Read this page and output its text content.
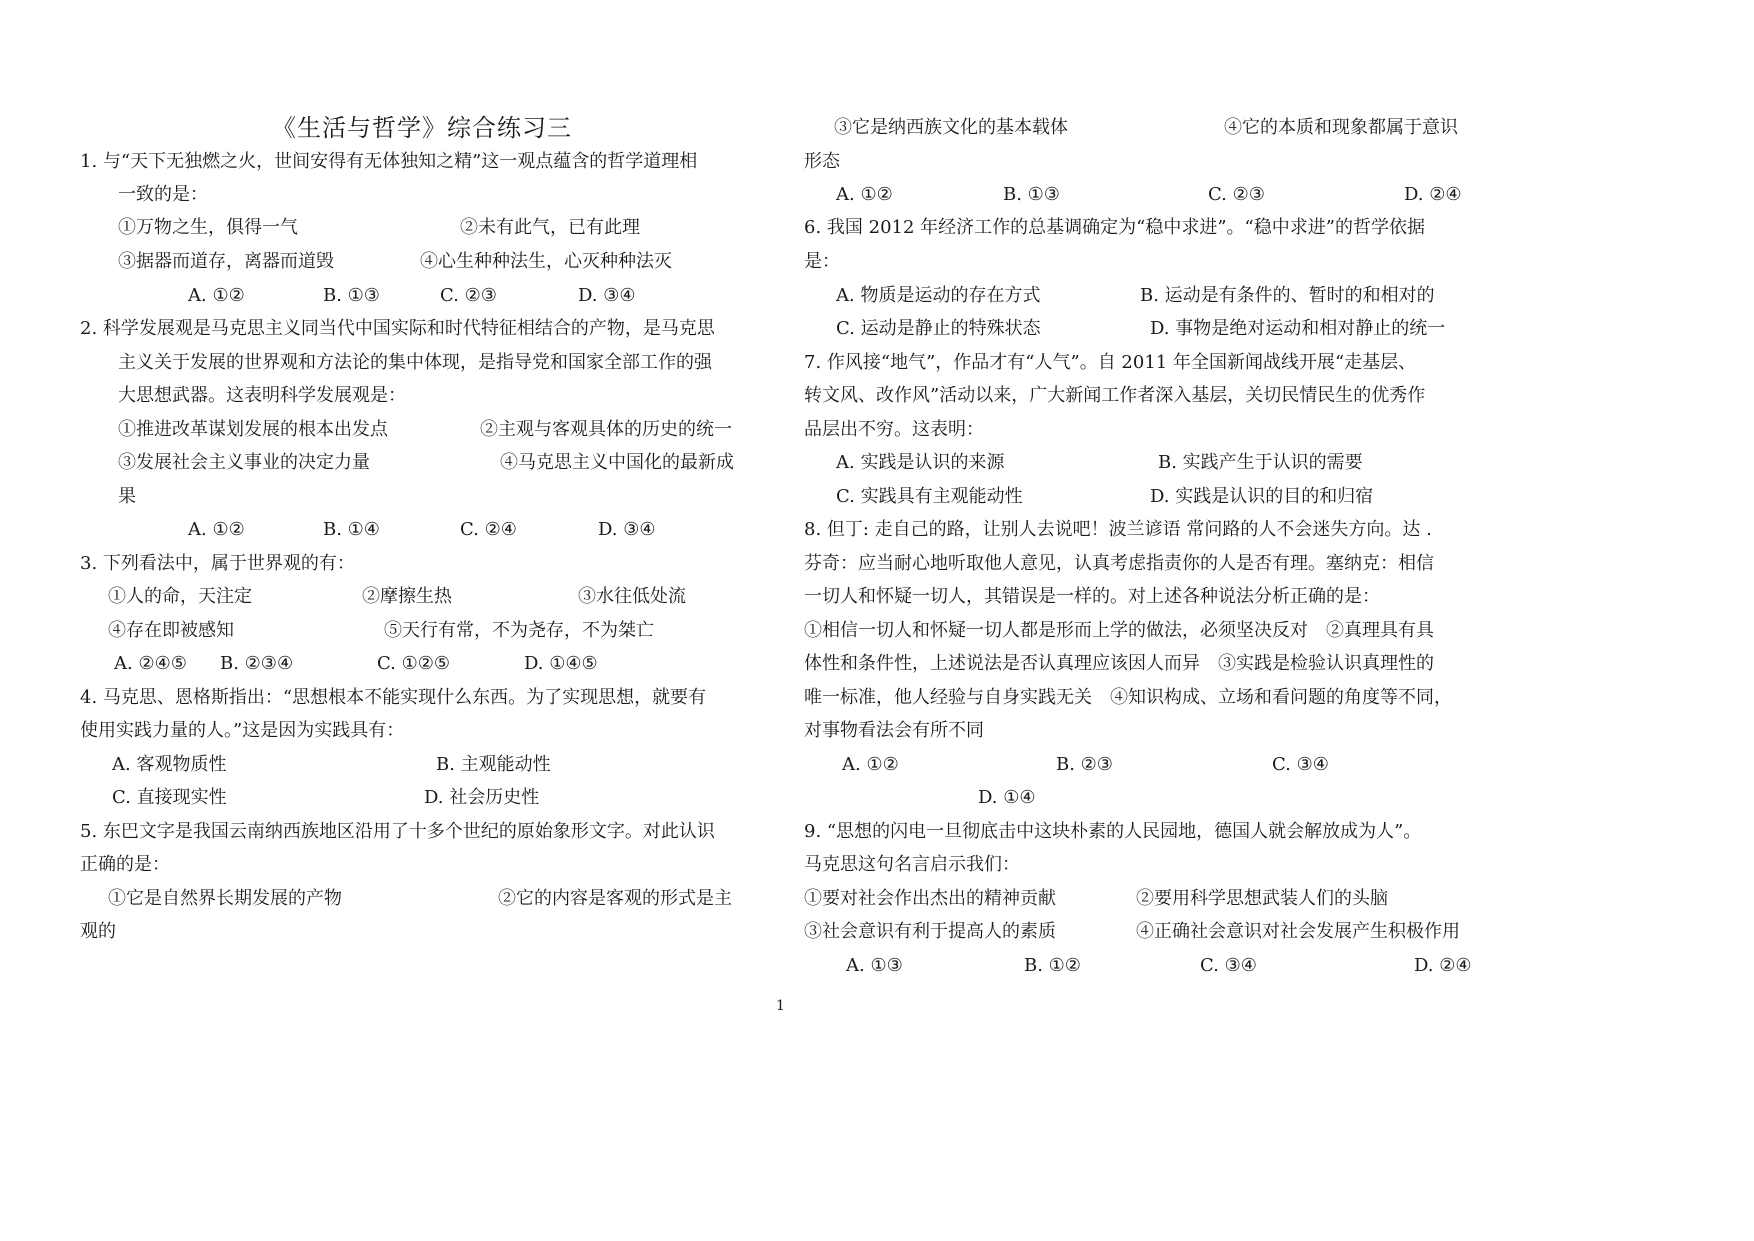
《生活与哲学》综合练习三
1. 与“天下无独燃之火，世间安得有无体独知之精”这一观点蕴含的哲学道理相
一致的是：
①万物之生，俱得一气	②未有此气，已有此理
③据器而道存，离器而道毁	④心生种种法生，心灭种种法灭
A. ①②	B. ①③	C. ②③	D. ③④
2. 科学发展观是马克思主义同当代中国实际和时代特征相结合的产物，是马克思
主义关于发展的世界观和方法论的集中体现，是指导党和国家全部工作的强
大思想武器。这表明科学发展观是：
①推进改革谋划发展的根本出发点	②主观与客观具体的历史的统一
③发展社会主义事业的决定力量	④马克思主义中国化的最新成
果
A. ①②	B. ①④	C. ②④	D. ③④
3. 下列看法中，属于世界观的有：
①人的命，天注定	②摩擦生热	③水往低处流
④存在即被感知	⑤天行有常，不为尧存，不为桀亡
A. ②④⑤ B. ②③④	C. ①②⑤	D. ①④⑤
4. 马克思、恩格斯指出：“思想根本不能实现什么东西。为了实现思想，就要有
使用实践力量的人。”这是因为实践具有：
A. 客观物质性	B. 主观能动性
C. 直接现实性	D. 社会历史性
5. 东巴文字是我国云南纳西族地区沿用了十多个世纪的原始象形文字。对此认识
正确的是：
①它是自然界长期发展的产物	②它的内容是客观的形式是主
观的
③它是纳西族文化的基本载体	④它的本质和现象都属于意识
形态
A. ①②	B. ①③	C. ②③	D. ②④
6. 我国 2012 年经济工作的总基调确定为“稳中求进”。“稳中求进”的哲学依据
是：
A. 物质是运动的存在方式	B. 运动是有条件的、暂时的和相对的
C. 运动是静止的特殊状态	D. 事物是绝对运动和相对静止的统一
7. 作风接“地气”，作品才有“人气”。自 2011 年全国新闻战线开展“走基层、
转文风、改作风”活动以来，广大新闻工作者深入基层，关切民情民生的优秀作
品层出不穷。这表明：
A. 实践是认识的来源	B. 实践产生于认识的需要
C. 实践具有主观能动性	D. 实践是认识的目的和归宿
8. 但丁: 走自己的路，让别人去说吧！波兰谚语 常问路的人不会迷失方向。达 .
芬奇：应当耐心地听取他人意见，认真考虑指责你的人是否有理。塞纳克：相信
一切人和怀疑一切人，其错误是一样的。对上述各种说法分析正确的是：
①相信一切人和怀疑一切人都是形而上学的做法，必须坚决反对　②真理具有具
体性和条件性，上述说法是否认真理应该因人而异　③实践是检验认识真理性的
唯一标准，他人经验与自身实践无关　④知识构成、立场和看问题的角度等不同，
对事物看法会有所不同
A. ①②	B. ②③	C. ③④
D. ①④
9. “思想的闪电一旦彻底击中这块朴素的人民园地，德国人就会解放成为人”。
马克思这句名言启示我们：
①要对社会作出杰出的精神贡献	②要用科学思想武装人们的头脑
③社会意识有利于提高人的素质	④正确社会意识对社会发展产生积极作用
A. ①③	B. ①②	C. ③④	D. ②④
1
